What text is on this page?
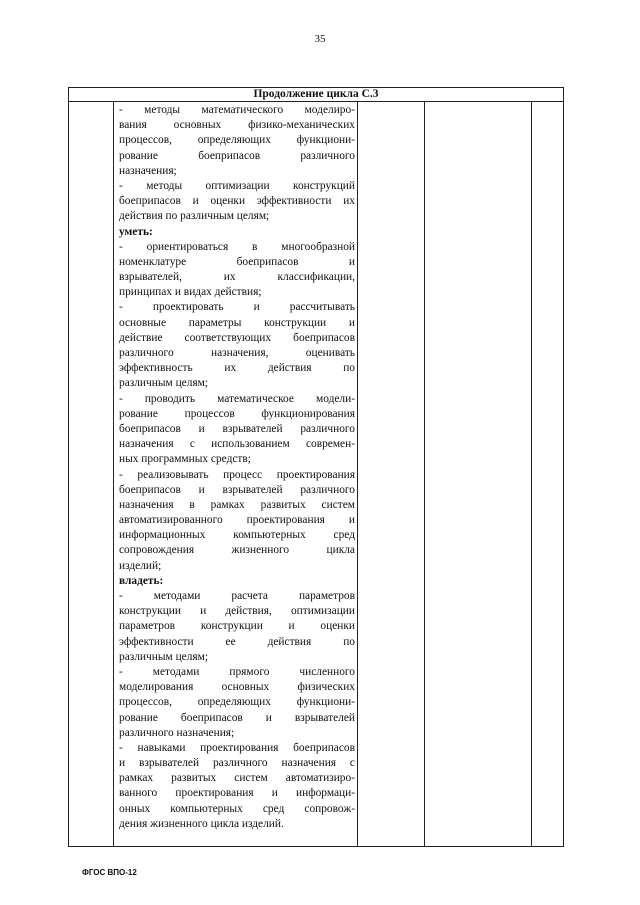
35
Продолжение цикла С.3
- методы математического моделиро-
вания основных физико-механических
процессов, определяющих функциони-
рование боеприпасов различного
назначения;
- методы оптимизации конструкций
боеприпасов и оценки эффективности их
действия по различным целям;
уметь:
- ориентироваться в многообразной
номенклатуре боеприпасов и
взрывателей, их классификации,
принципах и видах действия;
- проектировать и рассчитывать
основные параметры конструкции и
действие соответствующих боеприпасов
различного назначения, оценивать
эффективность их действия по
различным целям;
- проводить математическое модели-
рование процессов функционирования
боеприпасов и взрывателей различного
назначения с использованием современ-
ных программных средств;
- реализовывать процесс проектирования
боеприпасов и взрывателей различного
назначения в рамках развитых систем
автоматизированного проектирования и
информационных компьютерных сред
сопровождения жизненного цикла
изделий;
владеть:
- методами расчета параметров
конструкции и действия, оптимизации
параметров конструкции и оценки
эффективности ее действия по
различным целям;
- методами прямого численного
моделирования основных физических
процессов, определяющих функциони-
рование боеприпасов и взрывателей
различного назначения;
- навыками проектирования боеприпасов
и взрывателей различного назначения с
рамках развитых систем автоматизиро-
ванного проектирования и информаци-
онных компьютерных сред сопровож-
дения жизненного цикла изделий.
ФГОС ВПО-12
